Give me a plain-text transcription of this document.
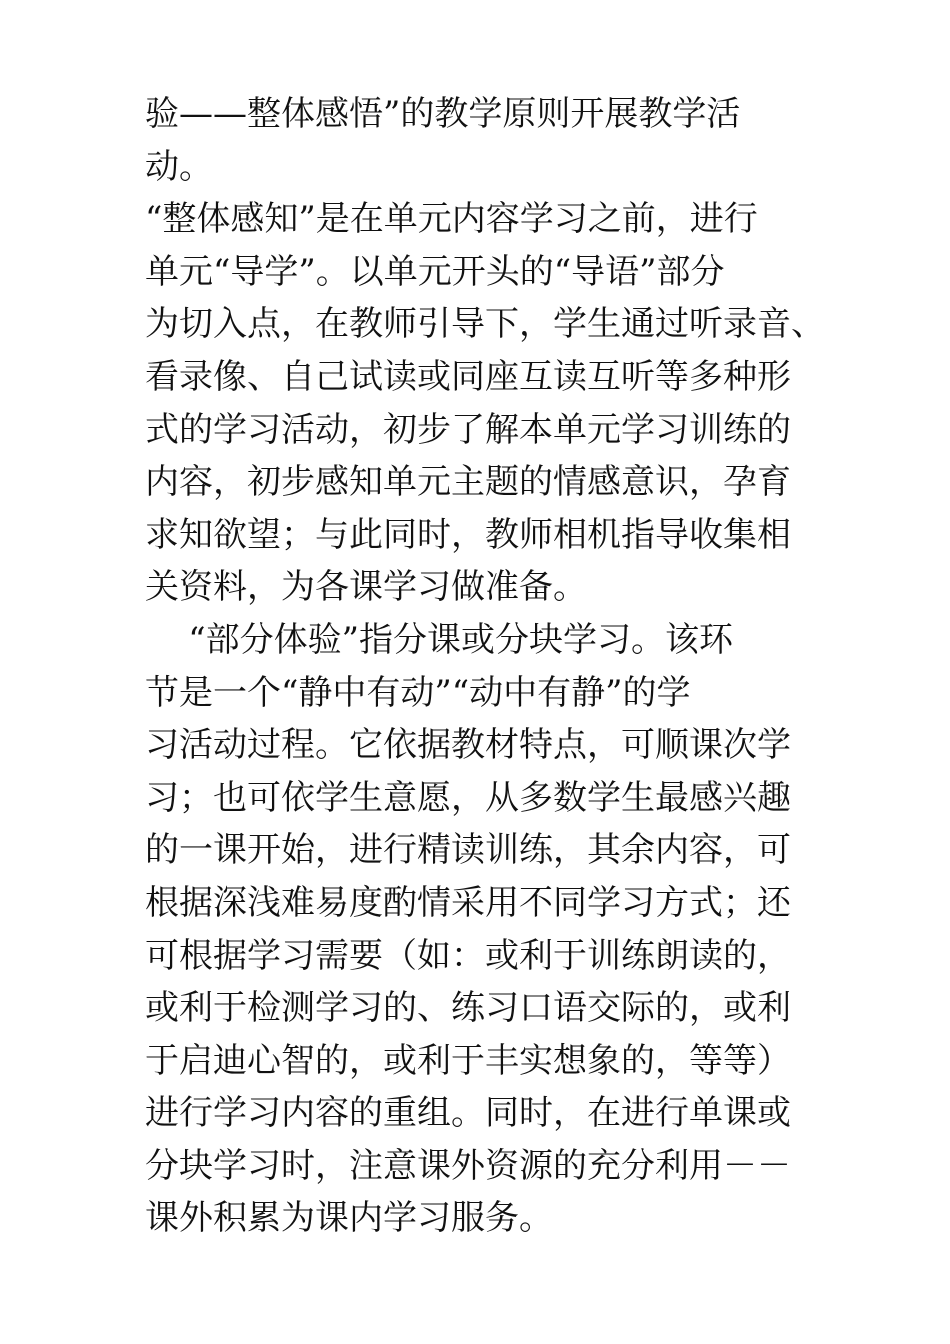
验——整体感悟”的教学原则开展教学活
动。
“整体感知”是在单元内容学习之前，进行
单元“导学”。以单元开头的“导语”部分
为切入点，在教师引导下，学生通过听录音、
看录像、自己试读或同座互读互听等多种形
式的学习活动，初步了解本单元学习训练的
内容，初步感知单元主题的情感意识，孕育
求知欲望；与此同时，教师相机指导收集相
关资料，为各课学习做准备。
“部分体验”指分课或分块学习。该环
节是一个“静中有动”“动中有静”的学
习活动过程。它依据教材特点，可顺课次学
习；也可依学生意愿，从多数学生最感兴趣
的一课开始，进行精读训练，其余内容，可
根据深浅难易度酌情采用不同学习方式；还
可根据学习需要（如：或利于训练朗读的，
或利于检测学习的、练习口语交际的，或利
于启迪心智的，或利于丰实想象的，等等）
进行学习内容的重组。同时，在进行单课或
分块学习时，注意课外资源的充分利用－－
课外积累为课内学习服务。
